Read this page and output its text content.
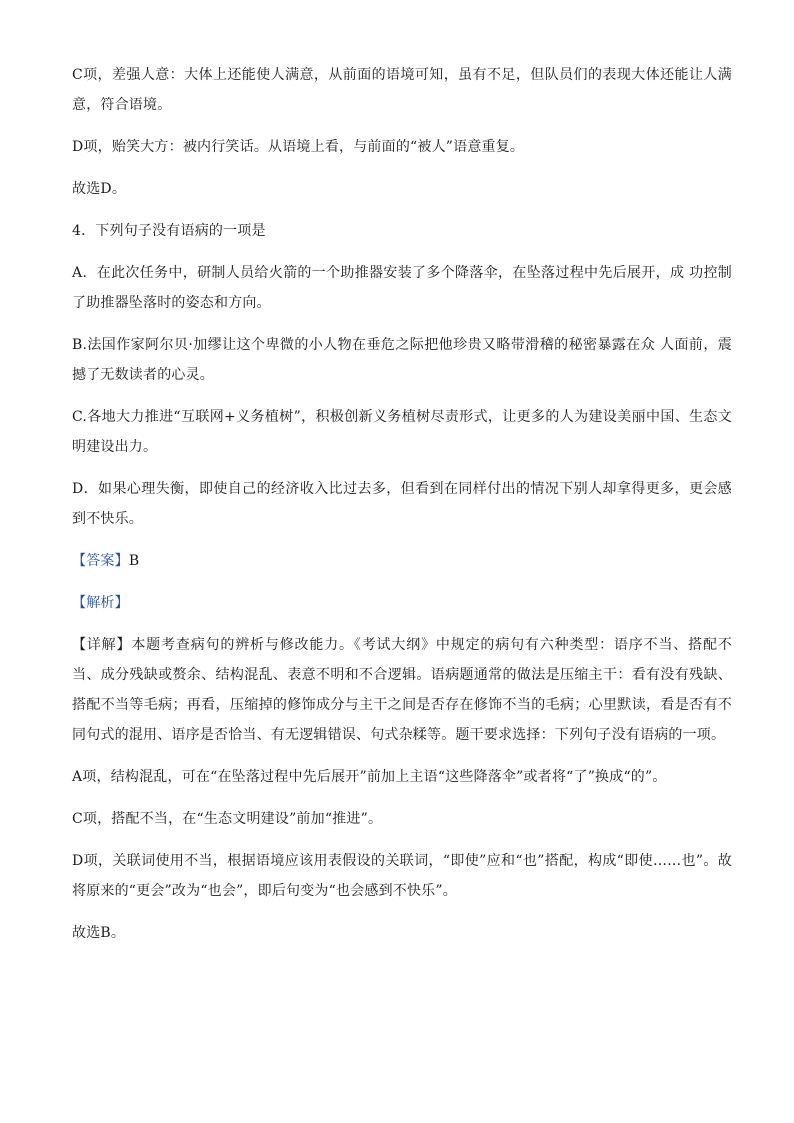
C项，差强人意：大体上还能使人满意，从前面的语境可知，虽有不足，但队员们的表现大体还能让人满意，符合语境。

D项，贻笑大方：被内行笑话。从语境上看，与前面的“被人”语意重复。

故选D。

4．下列句子没有语病的一项是

A．在此次任务中，研制人员给火箭的一个助推器安装了多个降落伞，在坠落过程中先后展开，成 功控制了助推器坠落时的姿态和方向。

B.法国作家阿尔贝·加缪让这个卑微的小人物在垂危之际把他珍贵又略带滑稽的秘密暴露在众 人面前，震撼了无数读者的心灵。

C.各地大力推进“互联网+义务植树”，积极创新义务植树尽责形式，让更多的人为建设美丽中国、生态文明建设出力。

D．如果心理失衡，即使自己的经济收入比过去多，但看到在同样付出的情况下别人却拿得更多，更会感到不快乐。

【答案】B

【解析】

【详解】本题考查病句的辨析与修改能力。《考试大纲》中规定的病句有六种类型：语序不当、搭配不当、成分残缺或赘余、结构混乱、表意不明和不合逻辑。语病题通常的做法是压缩主干：看有没有残缺、搭配不当等毛病；再看，压缩掉的修饰成分与主干之间是否存在修饰不当的毛病；心里默读，看是否有不同句式的混用、语序是否恰当、有无逻辑错误、句式杂糅等。题干要求选择：下列句子没有语病的一项。

A项，结构混乱，可在“在坠落过程中先后展开”前加上主语“这些降落伞”或者将“了”换成“的”。

C项，搭配不当，在“生态文明建设”前加“推进”。

D项，关联词使用不当，根据语境应该用表假设的关联词，“即使”应和“也”搭配，构成“即使……也”。故将原来的“更会”改为“也会”，即后句变为“也会感到不快乐”。

故选B。
